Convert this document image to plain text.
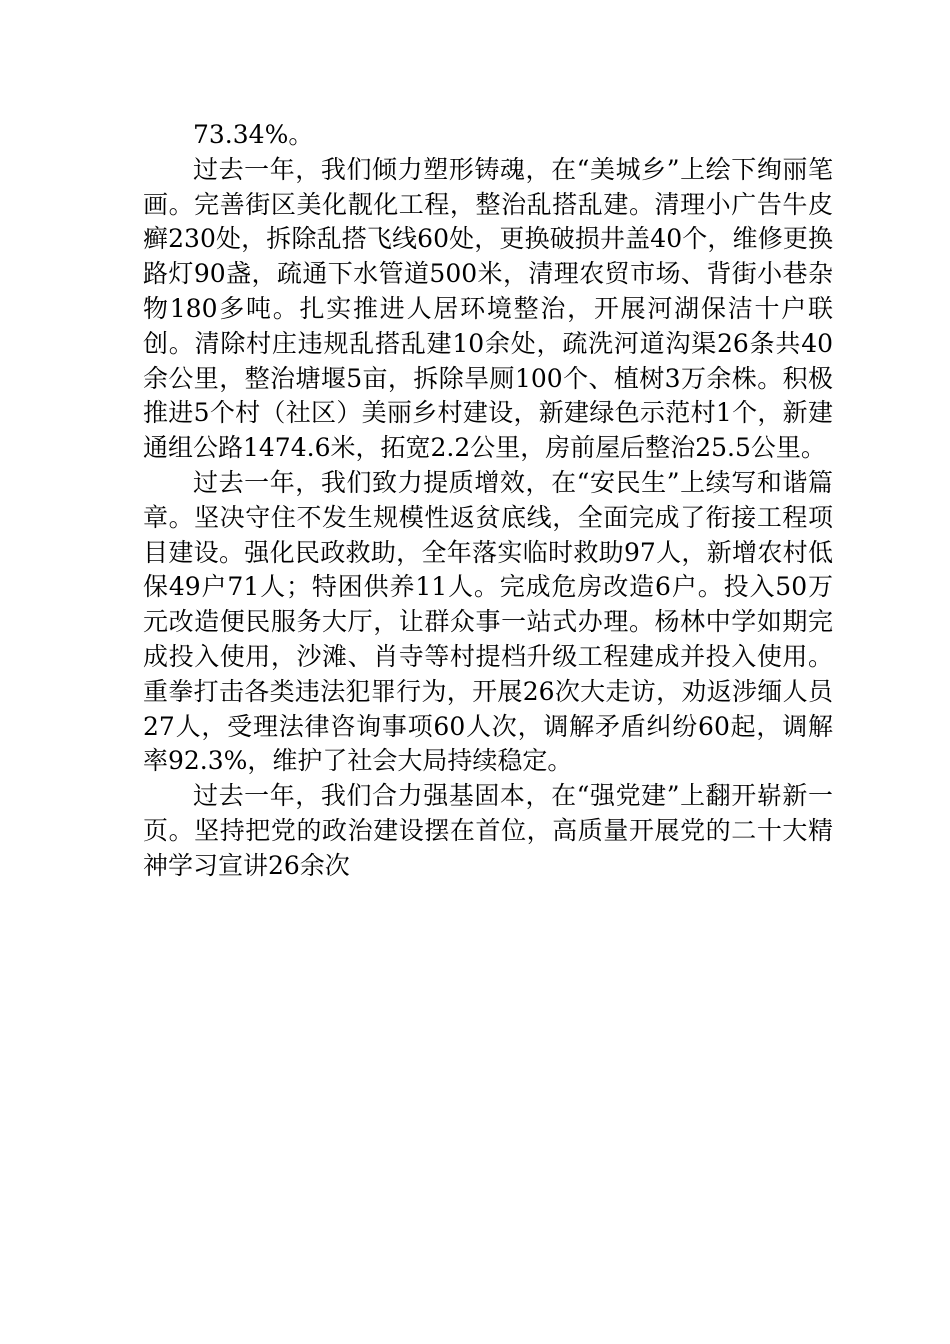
73.34%。

过去一年，我们倾力塑形铸魂，在“美城乡”上绘下绚丽笔画。完善街区美化靓化工程，整治乱搭乱建。清理小广告牛皮癣230处，拆除乱搭飞线60处，更换破损井盖40个，维修更换路灯90盏，疏通下水管道500米，清理农贸市场、背街小巷杂物180多吨。扎实推进人居环境整治，开展河湖保洁十户联创。清除村庄违规乱搭乱建10余处，疏洗河道沟渠26条共40余公里，整治塘堰5亩，拆除旱厕100个、植树3万余株。积极推进5个村（社区）美丽乡村建设，新建绿色示范村1个，新建通组公路1474.6米，拓宽2.2公里，房前屋后整治25.5公里。

过去一年，我们致力提质增效，在“安民生”上续写和谐篇章。坚决守住不发生规模性返贫底线，全面完成了衔接工程项目建设。强化民政救助，全年落实临时救助97人，新增农村低保49户71人；特困供养11人。完成危房改造6户。投入50万元改造便民服务大厅，让群众事一站式办理。杨林中学如期完成投入使用，沙滩、肖寺等村提档升级工程建成并投入使用。重拳打击各类违法犯罪行为，开展26次大走访，劝返涉缅人员27人，受理法律咨询事项60人次，调解矛盾纠纷60起，调解率92.3%，维护了社会大局持续稳定。

过去一年，我们合力强基固本，在“强党建”上翻开崭新一页。坚持把党的政治建设摆在首位，高质量开展党的二十大精神学习宣讲26余次
